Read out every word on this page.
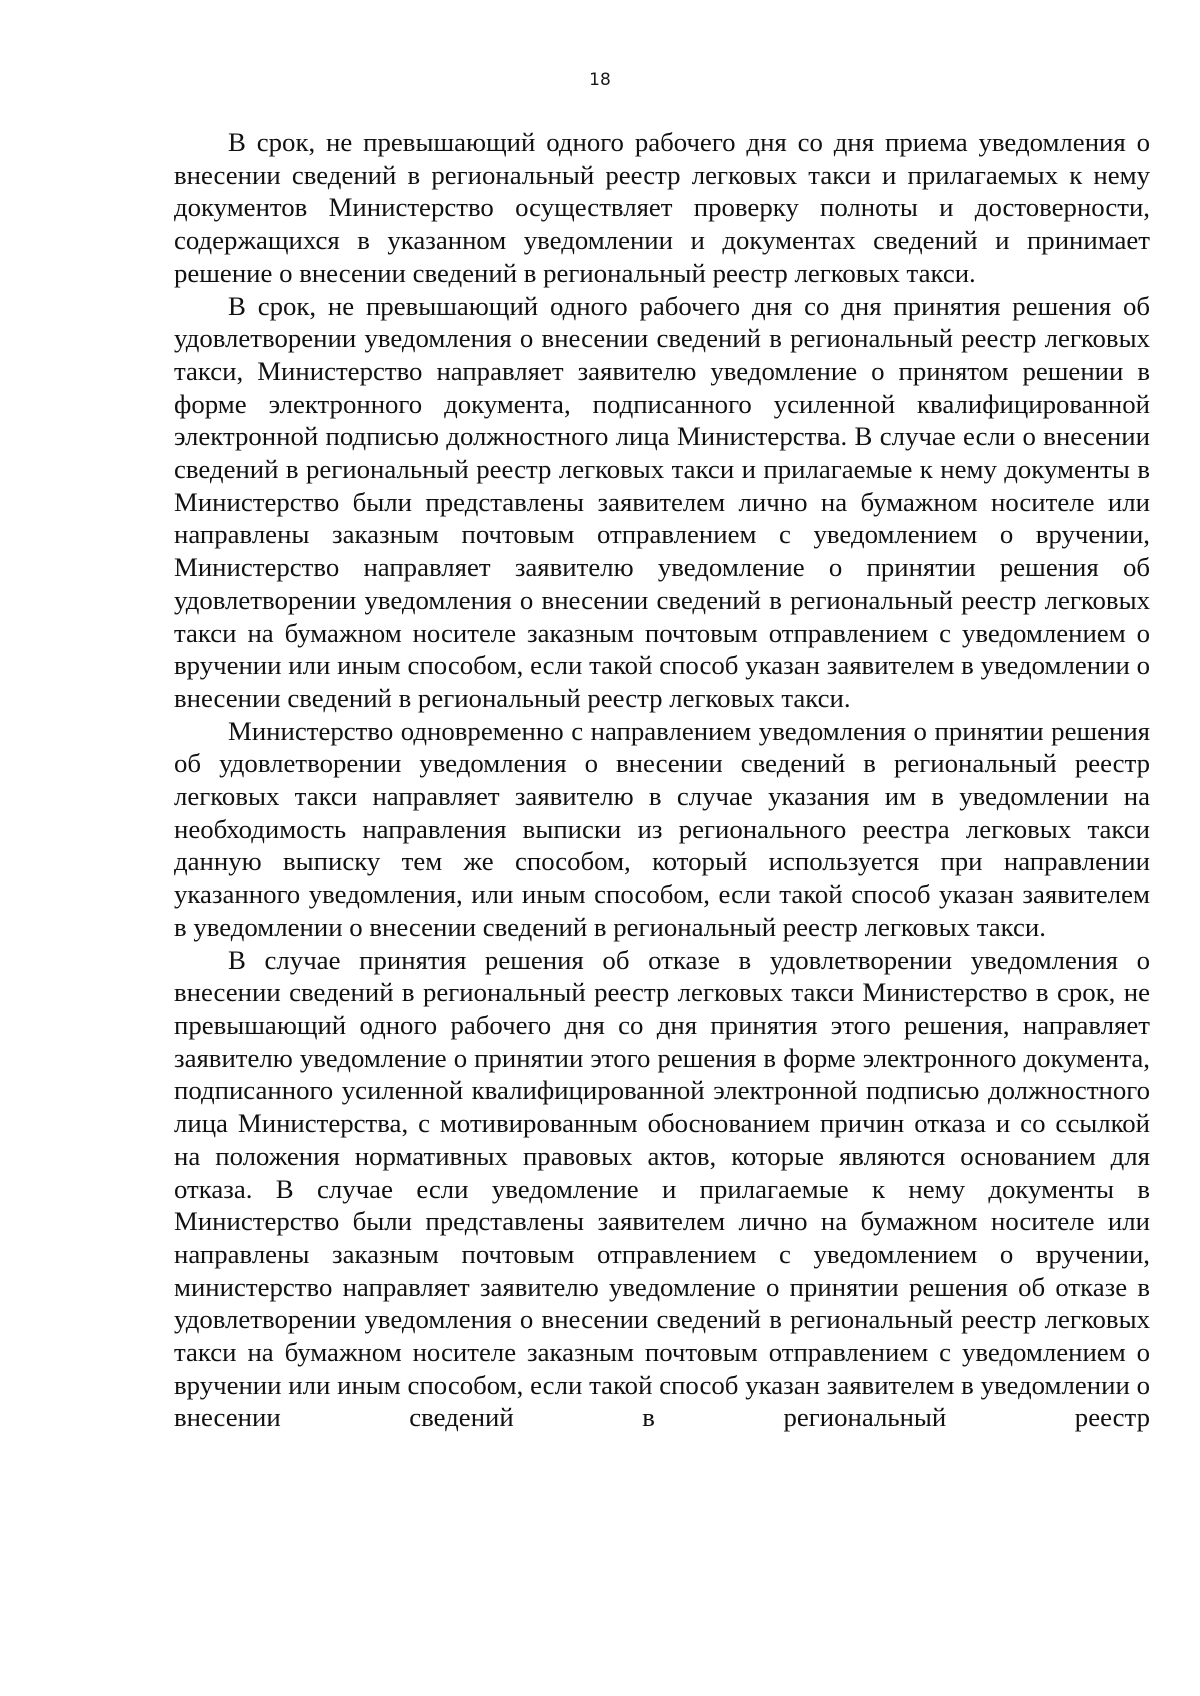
18

В срок, не превышающий одного рабочего дня со дня приема уведомления о внесении сведений в региональный реестр легковых такси и прилагаемых к нему документов Министерство осуществляет проверку полноты и достоверности, содержащихся в указанном уведомлении и документах сведений и принимает решение о внесении сведений в региональный реестр легковых такси.

В срок, не превышающий одного рабочего дня со дня принятия решения об удовлетворении уведомления о внесении сведений в региональный реестр легковых такси, Министерство направляет заявителю уведомление о принятом решении в форме электронного документа, подписанного усиленной квалифицированной электронной подписью должностного лица Министерства. В случае если о внесении сведений в региональный реестр легковых такси и прилагаемые к нему документы в Министерство были представлены заявителем лично на бумажном носителе или направлены заказным почтовым отправлением с уведомлением о вручении, Министерство направляет заявителю уведомление о принятии решения об удовлетворении уведомления о внесении сведений в региональный реестр легковых такси на бумажном носителе заказным почтовым отправлением с уведомлением о вручении или иным способом, если такой способ указан заявителем в уведомлении о внесении сведений в региональный реестр легковых такси.

Министерство одновременно с направлением уведомления о принятии решения об удовлетворении уведомления о внесении сведений в региональный реестр легковых такси направляет заявителю в случае указания им в уведомлении на необходимость направления выписки из регионального реестра легковых такси данную выписку тем же способом, который используется при направлении указанного уведомления, или иным способом, если такой способ указан заявителем в уведомлении о внесении сведений в региональный реестр легковых такси.

В случае принятия решения об отказе в удовлетворении уведомления о внесении сведений в региональный реестр легковых такси Министерство в срок, не превышающий одного рабочего дня со дня принятия этого решения, направляет заявителю уведомление о принятии этого решения в форме электронного документа, подписанного усиленной квалифицированной электронной подписью должностного лица Министерства, с мотивированным обоснованием причин отказа и со ссылкой на положения нормативных правовых актов, которые являются основанием для отказа. В случае если уведомление и прилагаемые к нему документы в Министерство были представлены заявителем лично на бумажном носителе или направлены заказным почтовым отправлением с уведомлением о вручении, министерство направляет заявителю уведомление о принятии решения об отказе в удовлетворении уведомления о внесении сведений в региональный реестр легковых такси на бумажном носителе заказным почтовым отправлением с уведомлением о вручении или иным способом, если такой способ указан заявителем в уведомлении о внесении сведений в региональный реестр
